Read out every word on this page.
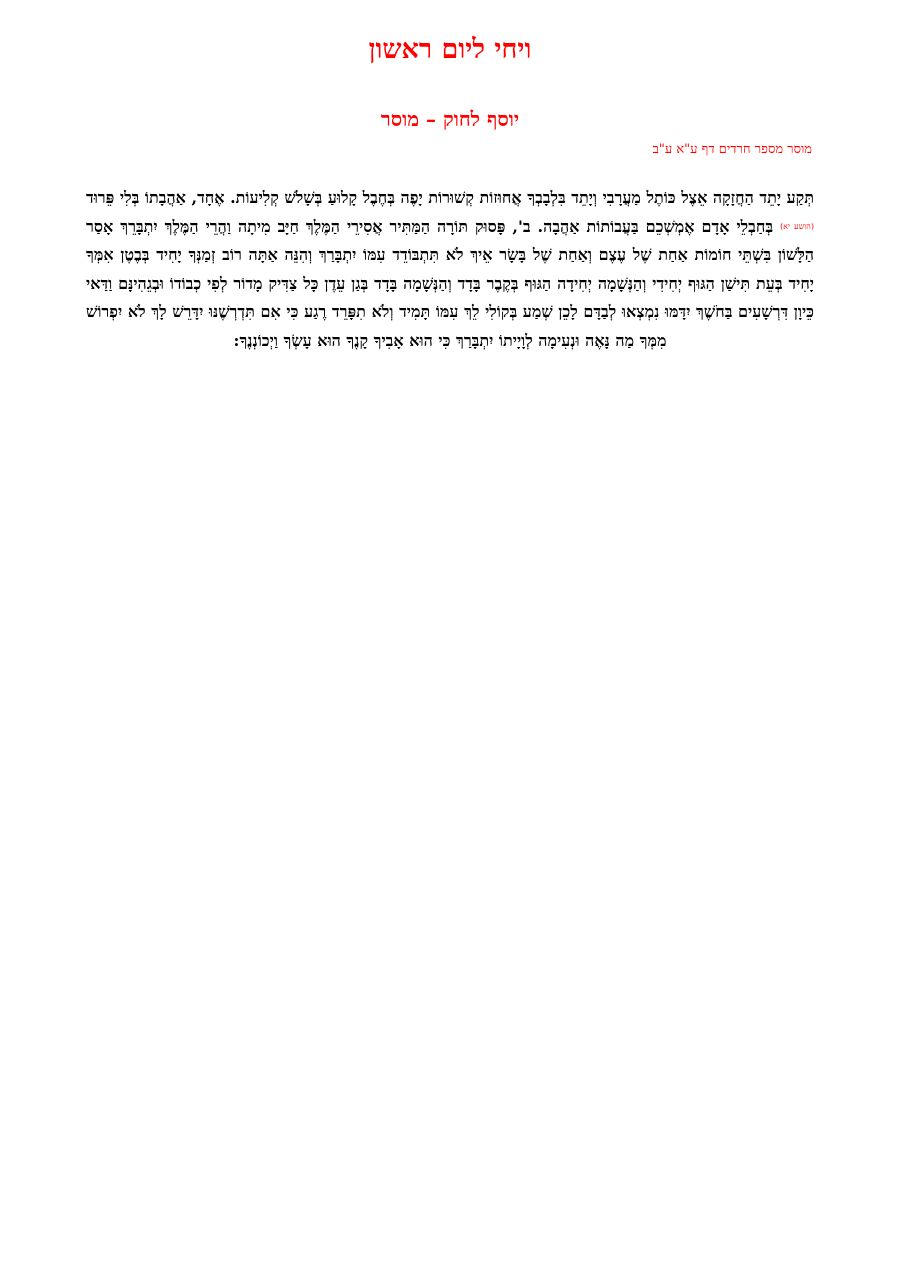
ויחי ליום ראשון
יוסף לחוק – מוסר
מוסר מספר חרדים דף ע"א ע"ב
תְּקַע יָתֵד הַחֲזָקָה אֵצֶל כּוֹתֶל מַעֲרָבִי וְיָתֵד בִּלְבָבְךָ אֲחוּזוֹת קְשׁוּרוֹת יָפֶה בְּחֶבֶל קָלוּעַ בְּשָׁלֹשׁ קְלִיעוֹת. אֶחָד, אַהֲבָתוֹ בְּלִי פֵּרוּד (הושע יא) בְּחַבְלֵי אָדָם אֶמְשְׁכֵם בַּעֲבוֹתוֹת אַהֲבָה. ב', פָּסוּק תּוֹרָה הַמַּתִּיר אֲסִירֵי הַמֶּלֶךְ חַיָּב מִיתָה וַהֲרֵי הַמֶּלֶךְ יִתְבָּרֵךְ אָסַר הַלָּשׁוֹן בִּשְׁתֵּי חוֹמוֹת אַחַת שֶׁל עֶצֶם וְאַחַת שֶׁל בָּשָׂר אֵיךְ לֹא תִּתְבּוֹדֵד עִמּוֹ יִתְבָּרַךְ וְהִנֵּה אַתָּה רוֹב זְמַנְּךָ יָחִיד בְּבֶטֶן אִמְּךָ יָחִיד בְּעֵת תִּישַׁן הַגּוּף יְחִידִי וְהַנְּשָׁמָה יְחִידָה הַגּוּף בְּקֶבֶר בָּדָד וְהַנְּשָׁמָה בָּדָד בְּגַן עֵדֶן כָּל צַדִּיק מָדוֹר לְפִי כְבוֹדוֹ וּבְגֵהִינָּם וַדַּאי כֵּיוָן דִּרְשָׁעִים בַּחֹשֶׁךְ יִדָּמּוּ נִמְצְאוּ לְבַדָּם לָכֵן שְׁמַע בְּקוֹלִי לֵךְ עִמּוֹ תָּמִיד וְלֹא תִפָּרֵד רֶגַע כִּי אִם תִּדְרְשֶׁנּוּ יִדָּרֵשׁ לָךְ לֹא יִפְרוֹשׁ מִמְּךָ מַה נָּאֶה וּנְעִימָה לְוָיָיתוֹ יִתְבָּרַךְ כִּי הוּא אָבִיךָ קָנֶךָ הוּא עָשְׂךָ וַיְכוֹנְנֶךָ:
